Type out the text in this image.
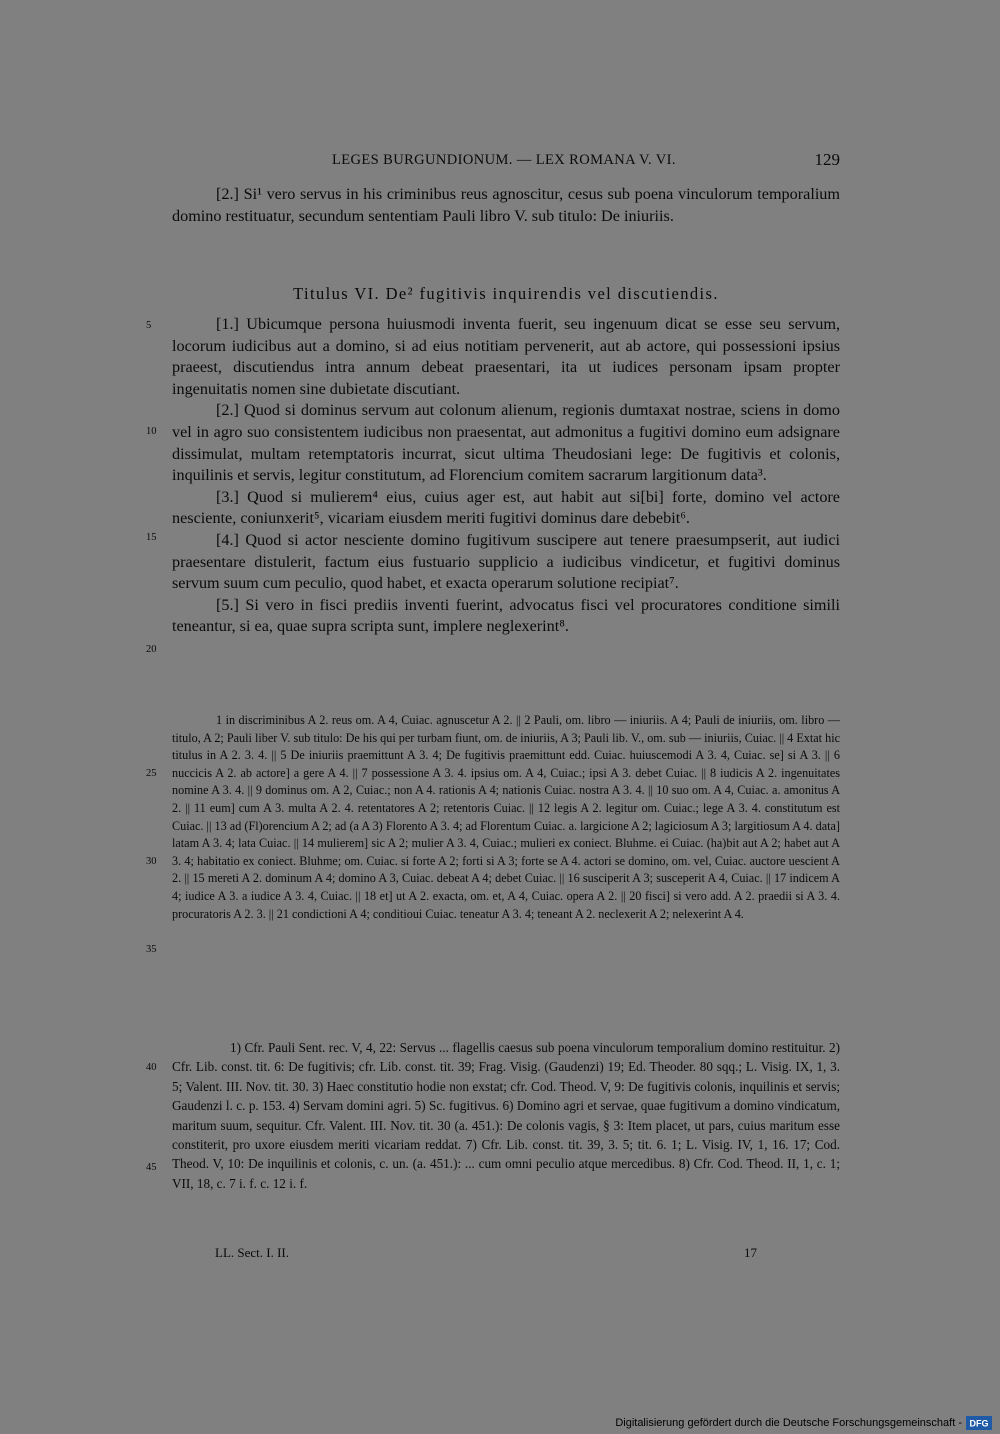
LEGES BURGUNDIONUM. — LEX ROMANA V. VI.	129

[2.] Si¹ vero servus in his criminibus reus agnoscitur, cesus sub poena vinculorum temporalium domino restituatur, secundum sententiam Pauli libro V. sub titulo: De iniuriis.

Titulus VI. De² fugitivis inquirendis vel discutiendis.
5
10
15
20
25
30
35
40
45

[1.] Ubicumque persona huiusmodi inventa fuerit, seu ingenuum dicat se esse seu servum, locorum iudicibus aut a domino, si ad eius notitiam pervenerit, aut ab actore, qui possessioni ipsius praeest, discutiendus intra annum debeat praesentari, ita ut iudices personam ipsam propter ingenuitatis nomen sine dubietate discutiant.

[2.] Quod si dominus servum aut colonum alienum, regionis dumtaxat nostrae, sciens in domo vel in agro suo consistentem iudicibus non praesentat, aut admonitus a fugitivi domino eum adsignare dissimulat, multam retemptatoris incurrat, sicut ultima Theudosiani lege: De fugitivis et colonis, inquilinis et servis, legitur constitutum, ad Florencium comitem sacrarum largitionum data³.

[3.] Quod si mulierem⁴ eius, cuius ager est, aut habit aut si[bi] forte, domino vel actore nesciente, coniunxerit⁵, vicariam eiusdem meriti fugitivi dominus dare debebit⁶.

[4.] Quod si actor nesciente domino fugitivum suscipere aut tenere praesumpserit, aut iudici praesentare distulerit, factum eius fustuario supplicio a iudicibus vindicetur, et fugitivi dominus servum suum cum peculio, quod habet, et exacta operarum solutione recipiat⁷.

[5.] Si vero in fisci prediis inventi fuerint, advocatus fisci vel procuratores conditione simili teneantur, si ea, quae supra scripta sunt, implere neglexerint⁸.

1 in discriminibus A 2. reus om. A 4, Cuiac. agnuscetur A 2. || 2 Pauli, om. libro — iniuriis. A 4; Pauli de iniuriis, om. libro — titulo, A 2; Pauli liber V. sub titulo: De his qui per turbam fiunt, om. de iniuriis, A 3; Pauli lib. V., om. sub — iniuriis, Cuiac. || 4 Extat hic titulus in A 2. 3. 4. || 5 De iniuriis praemittunt A 3. 4; De fugitivis praemittunt edd. Cuiac. huiuscemodi A 3. 4, Cuiac. se] si A 3. || 6 nuccicis A 2. ab actore] a gere A 4. || 7 possessione A 3. 4. ipsius om. A 4, Cuiac.; ipsi A 3. debet Cuiac. || 8 iudicis A 2. ingenuitates nomine A 3. 4. || 9 dominus om. A 2, Cuiac.; non A 4. rationis A 4; nationis Cuiac. nostra A 3. 4. || 10 suo om. A 4, Cuiac. a. amonitus A 2. || 11 eum] cum A 3. multa A 2. 4. retentatores A 2; retentoris Cuiac. || 12 legis A 2. legitur om. Cuiac.; lege A 3. 4. constitutum est Cuiac. || 13 ad (Fl)orencium A 2; ad (a A 3) Florento A 3. 4; ad Florentum Cuiac. a. largicione A 2; lagiciosum A 3; largitiosum A 4. data] latam A 3. 4; lata Cuiac. || 14 mulierem] sic A 2; mulier A 3. 4, Cuiac.; mulieri ex coniect. Bluhme. ei Cuiac. (ha)bit aut A 2; habet aut A 3. 4; habitatio ex coniect. Bluhme; om. Cuiac. si forte A 2; forti si A 3; forte se A 4. actori se domino, om. vel, Cuiac. auctore uescient A 2. || 15 mereti A 2. dominum A 4; domino A 3, Cuiac. debeat A 4; debet Cuiac. || 16 susciperit A 3; susceperit A 4, Cuiac. || 17 indicem A 4; iudice A 3. a iudice A 3. 4, Cuiac. || 18 et] ut A 2. exacta, om. et, A 4, Cuiac. opera A 2. || 20 fisci] si vero add. A 2. praedii si A 3. 4. procuratoris A 2. 3. || 21 condictioni A 4; conditioui Cuiac. teneatur A 3. 4; teneant A 2. neclexerit A 2; nelexerint A 4.
1) Cfr. Pauli Sent. rec. V, 4, 22: Servus ... flagellis caesus sub poena vinculorum temporalium domino restituitur. 2) Cfr. Lib. const. tit. 6: De fugitivis; cfr. Lib. const. tit. 39; Frag. Visig. (Gaudenzi) 19; Ed. Theoder. 80 sqq.; L. Visig. IX, 1, 3. 5; Valent. III. Nov. tit. 30. 3) Haec constitutio hodie non exstat; cfr. Cod. Theod. V, 9: De fugitivis colonis, inquilinis et servis; Gaudenzi l. c. p. 153. 4) Servam domini agri. 5) Sc. fugitivus. 6) Domino agri et servae, quae fugitivum a domino vindicatum, maritum suum, sequitur. Cfr. Valent. III. Nov. tit. 30 (a. 451.): De colonis vagis, § 3: Item placet, ut pars, cuius maritum esse constiterit, pro uxore eiusdem meriti vicariam reddat. 7) Cfr. Lib. const. tit. 39, 3. 5; tit. 6. 1; L. Visig. IV, 1, 16. 17; Cod. Theod. V, 10: De inquilinis et colonis, c. un. (a. 451.): ... cum omni peculio atque mercedibus. 8) Cfr. Cod. Theod. II, 1, c. 1; VII, 18, c. 7 i. f. c. 12 i. f.
LL. Sect. I. II.	17
Digitalisierung gefördert durch die Deutsche Forschungsgemeinschaft - DFG
